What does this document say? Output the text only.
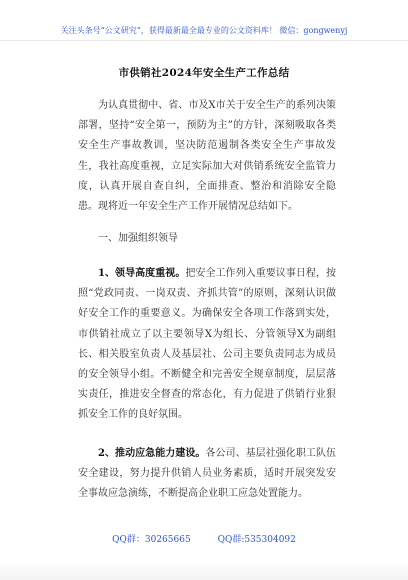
关注头条号“公文研究”，获得最新最全最专业的公文资料库！ 微信：gongwenyj
市供销社2024年安全生产工作总结

为认真贯彻中、省、市及X市关于安全生产的系列决策部署，坚持“安全第一，预防为主”的方针，深刻吸取各类安全生产事故教训，坚决防范遏制各类安全生产事故发生，我社高度重视，立足实际加大对供销系统安全监管力度，认真开展自查自纠，全面排查、整治和消除安全隐患。现将近一年安全生产工作开展情况总结如下。

一、加强组织领导

1、领导高度重视。把安全工作列入重要议事日程，按照“党政同责、一岗双责、齐抓共管”的原则，深刻认识做好安全工作的重要意义。为确保安全各项工作落到实处，市供销社成立了以主要领导X为组长、分管领导X为副组长、相关股室负责人及基层社、公司主要负责同志为成员的安全领导小组。不断健全和完善安全规章制度，层层落实责任，推进安全督查的常态化，有力促进了供销行业狠抓安全工作的良好氛围。

2、推动应急能力建设。各公司、基层社强化职工队伍安全建设，努力提升供销人员业务素质，适时开展突发安全事故应急演练，不断提高企业职工应急处置能力。

QQ群：30265665	QQ群:535304092
